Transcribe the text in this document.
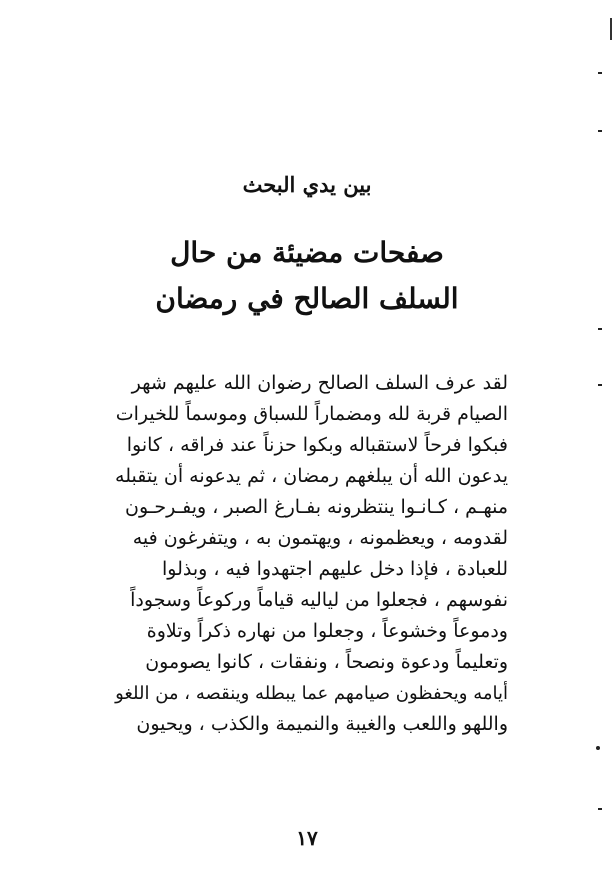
بين يدي البحث
صفحات مضيئة من حال
السلف الصالح في رمضان
لقد عرف السلف الصالح رضوان الله عليهم شهر
الصيام قربة لله ومضماراً للسباق وموسماً للخيرات
فبكوا فرحاً لاستقباله وبكوا حزناً عند فراقه ، كانوا
يدعون الله أن يبلغهم رمضان ، ثم يدعونه أن يتقبله
منهـم ، كـانـوا ينتظرونه بفـارغ الصبر ، ويفـرحـون
لقدومه ، ويعظمونه ، ويهتمون به ، ويتفرغون فيه
للعبادة ، فإذا دخل عليهم اجتهدوا فيه ، وبذلوا
نفوسهم ، فجعلوا من لياليه قياماً وركوعاً وسجوداً
ودموعاً وخشوعاً ، وجعلوا من نهاره ذكراً وتلاوة
وتعليماً ودعوة ونصحاً ، ونفقات ، كانوا يصومون
أيامه ويحفظون صيامهم عما يبطله وينقصه ، من اللغو
واللهو واللعب والغيبة والنميمة والكذب ، ويحيون
١٧
